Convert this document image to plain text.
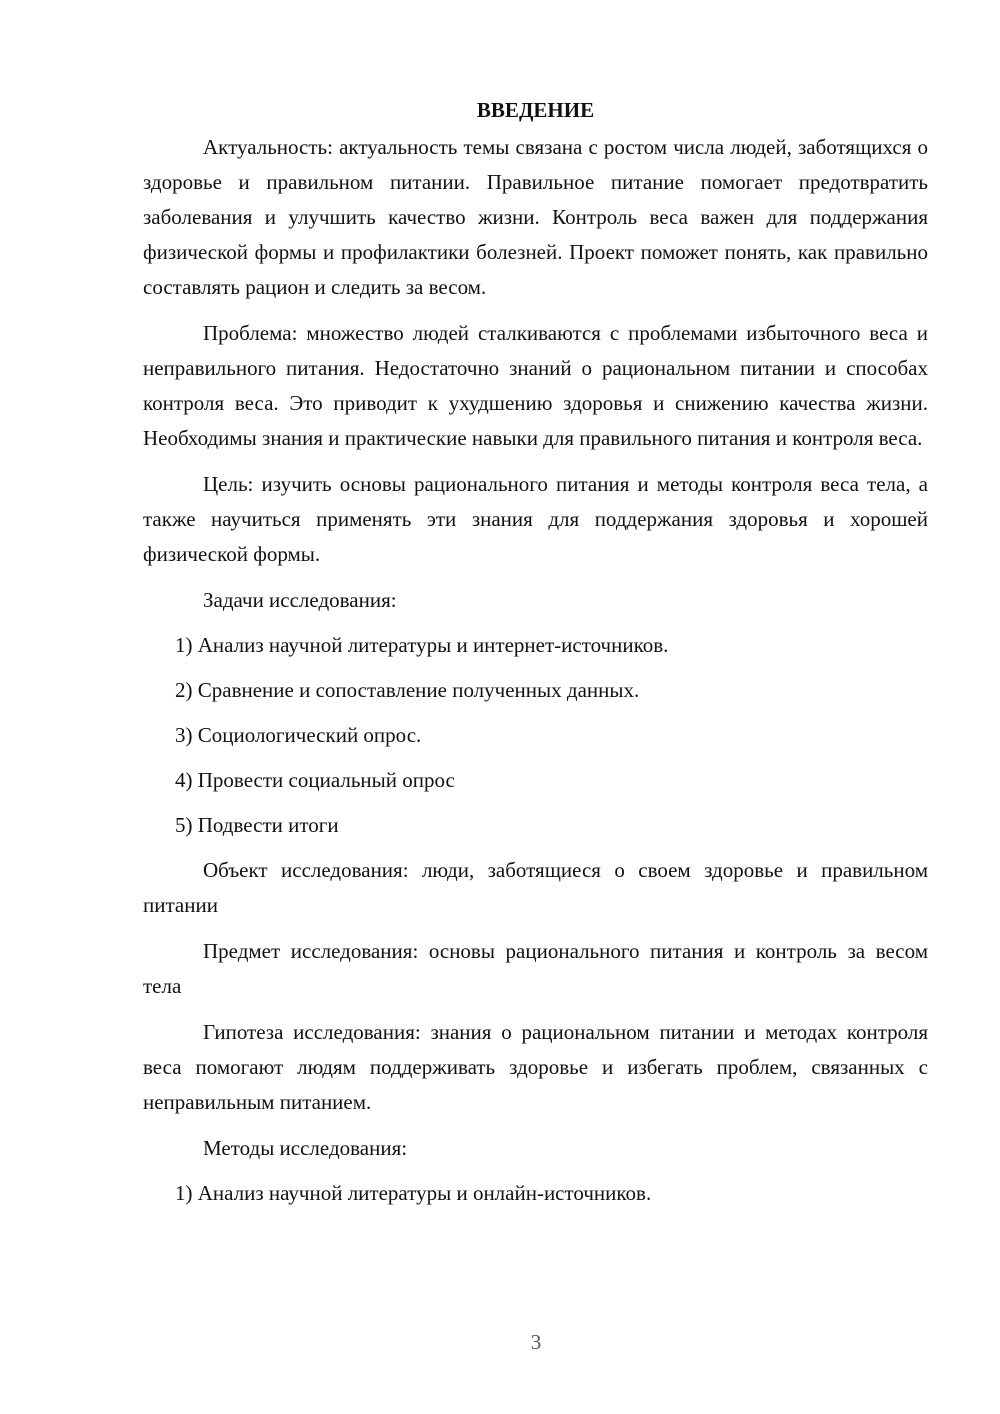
ВВЕДЕНИЕ

Актуальность: актуальность темы связана с ростом числа людей, заботящихся о здоровье и правильном питании. Правильное питание помогает предотвратить заболевания и улучшить качество жизни. Контроль веса важен для поддержания физической формы и профилактики болезней. Проект поможет понять, как правильно составлять рацион и следить за весом.

Проблема: множество людей сталкиваются с проблемами избыточного веса и неправильного питания. Недостаточно знаний о рациональном питании и способах контроля веса. Это приводит к ухудшению здоровья и снижению качества жизни. Необходимы знания и практические навыки для правильного питания и контроля веса.

Цель: изучить основы рационального питания и методы контроля веса тела, а также научиться применять эти знания для поддержания здоровья и хорошей физической формы.

Задачи исследования:

1) Анализ научной литературы и интернет-источников.

2) Сравнение и сопоставление полученных данных.

3) Социологический опрос.

4) Провести социальный опрос

5) Подвести итоги

Объект исследования: люди, заботящиеся о своем здоровье и правильном питании

Предмет исследования: основы рационального питания и контроль за весом тела

Гипотеза исследования: знания о рациональном питании и методах контроля веса помогают людям поддерживать здоровье и избегать проблем, связанных с неправильным питанием.

Методы исследования:

1) Анализ научной литературы и онлайн-источников.

3
